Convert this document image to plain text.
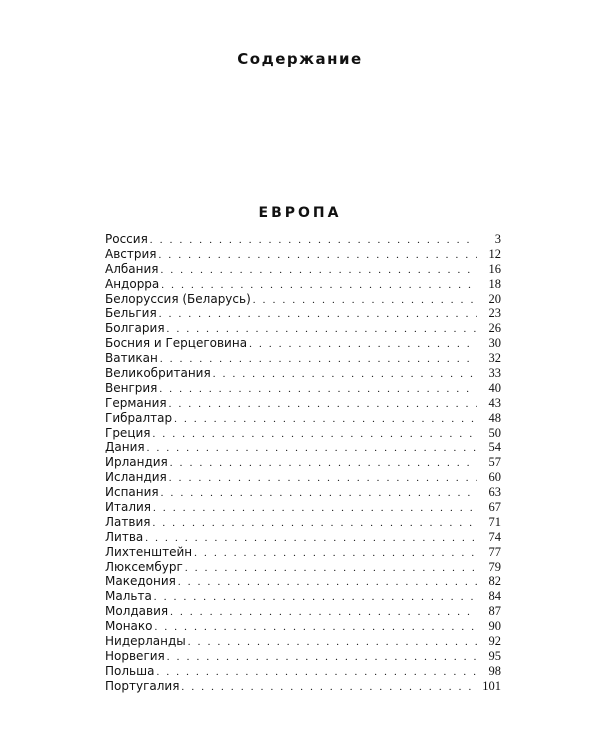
Содержание
ЕВРОПА
Россия . . .	3
Австрия . . .	12
Албания . . .	16
Андорра . . .	18
Белоруссия (Беларусь) . . .	20
Бельгия . . .	23
Болгария . . .	26
Босния и Герцеговина . . .	30
Ватикан . . .	32
Великобритания . . .	33
Венгрия . . .	40
Германия . . .	43
Гибралтар . . .	48
Греция . . .	50
Дания . . .	54
Ирландия . . .	57
Исландия . . .	60
Испания . . .	63
Италия . . .	67
Латвия . . .	71
Литва . . .	74
Лихтенштейн . . .	77
Люксембург . . .	79
Македония . . .	82
Мальта . . .	84
Молдавия . . .	87
Монако . . .	90
Нидерланды . . .	92
Норвегия . . .	95
Польша . . .	98
Португалия . . .	101
